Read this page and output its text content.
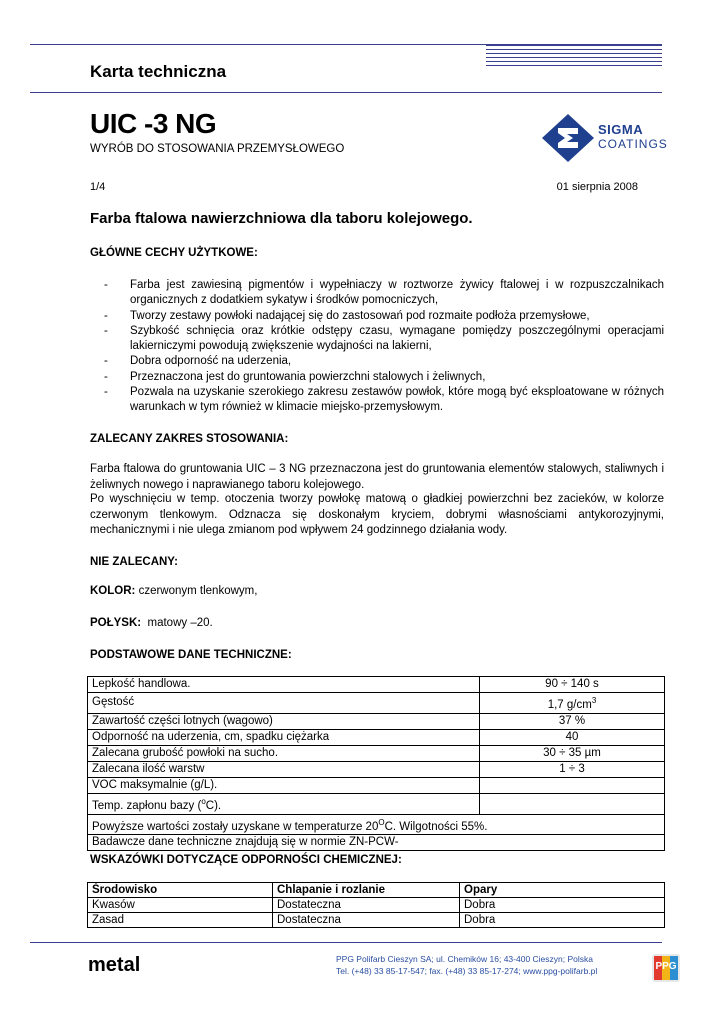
Karta techniczna
UIC -3 NG
WYRÓB DO STOSOWANIA PRZEMYSŁOWEGO
SIGMA
COATINGS
1/4	01 sierpnia 2008
Farba ftalowa nawierzchniowa dla taboru kolejowego.
GŁÓWNE CECHY UŻYTKOWE:
- Farba jest zawiesiną pigmentów i wypełniaczy w roztworze żywicy ftalowej i w rozpuszczalnikach organicznych z dodatkiem sykatyw i środków pomocniczych,
- Tworzy zestawy powłoki nadającej się do zastosowań pod rozmaite podłoża przemysłowe,
- Szybkość schnięcia oraz krótkie odstępy czasu, wymagane pomiędzy poszczególnymi operacjami lakierniczymi powodują zwiększenie wydajności na lakierni,
- Dobra odporność na uderzenia,
- Przeznaczona jest do gruntowania powierzchni stalowych i żeliwnych,
- Pozwala na uzyskanie szerokiego zakresu zestawów powłok, które mogą być eksploatowane w różnych warunkach w tym również w klimacie miejsko-przemysłowym.
ZALECANY ZAKRES STOSOWANIA:
Farba ftalowa do gruntowania UIC – 3 NG przeznaczona jest do gruntowania elementów stalowych, staliwnych i żeliwnych nowego i naprawianego taboru kolejowego.
Po wyschnięciu w temp. otoczenia tworzy powłokę matową o gładkiej powierzchni bez zacieków, w kolorze czerwonym tlenkowym. Odznacza się doskonałym kryciem, dobrymi własnościami antykorozyjnymi, mechanicznymi i nie ulega zmianom pod wpływem 24 godzinnego działania wody.
NIE ZALECANY:
KOLOR: czerwonym tlenkowym,
POŁYSK: matowy –20.
PODSTAWOWE DANE TECHNICZNE:
Lepkość handlowa.	90 ÷ 140 s
Gęstość	1,7 $g/cm^3$
Zawartość części lotnych (wagowo)	37 %
Odporność na uderzenia, cm, spadku ciężarka	40
Zalecana grubość powłoki na sucho.	30 ÷ 35 µm
Zalecana ilość warstw	1 ÷ 3
VOC maksymalnie (g/L).	
Temp. zapłonu bazy ($^o$C).	
Powyższe wartości zostały uzyskane w temperaturze $20^OC$. Wilgotności 55%.	
Badawcze dane techniczne znajdują się w normie ZN-PCW-	
WSKAZÓWKI DOTYCZĄCE ODPORNOŚCI CHEMICZNEJ:
Środowisko	Chlapanie i rozlanie	Opary
Kwasów	Dostateczna	Dobra
Zasad	Dostateczna	Dobra
metal	PPG Polifarb Cieszyn SA; ul. Chemików 16; 43-400 Cieszyn; Polska
Tel. (+48) 33 85-17-547; fax. (+48) 33 85-17-274; www.ppg-polifarb.pl	PPG
